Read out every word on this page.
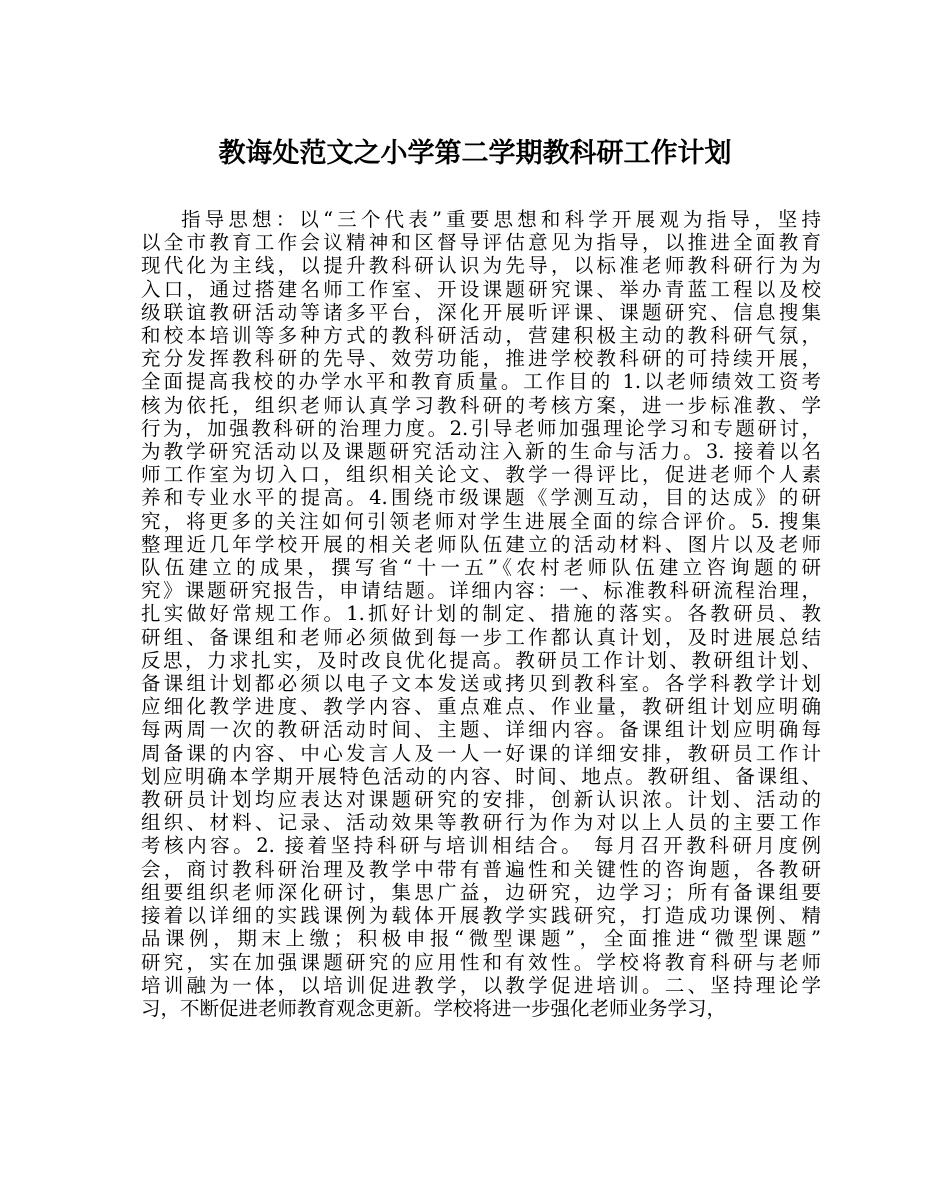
教诲处范文之小学第二学期教科研工作计划
指导思想：以“三个代表”重要思想和科学开展观为指导，坚持
以全市教育工作会议精神和区督导评估意见为指导，以推进全面教育
现代化为主线，以提升教科研认识为先导，以标准老师教科研行为为
入口，通过搭建名师工作室、开设课题研究课、举办青蓝工程以及校
级联谊教研活动等诸多平台，深化开展听评课、课题研究、信息搜集
和校本培训等多种方式的教科研活动，营建积极主动的教科研气氛，
充分发挥教科研的先导、效劳功能，推进学校教科研的可持续开展，
全面提高我校的办学水平和教育质量。工作目的 1.以老师绩效工资考
核为依托，组织老师认真学习教科研的考核方案，进一步标准教、学
行为，加强教科研的治理力度。2.引导老师加强理论学习和专题研讨，
为教学研究活动以及课题研究活动注入新的生命与活力。3. 接着以名
师工作室为切入口，组织相关论文、教学一得评比，促进老师个人素
养和专业水平的提高。4.围绕市级课题《学测互动，目的达成》的研
究，将更多的关注如何引领老师对学生进展全面的综合评价。5. 搜集
整理近几年学校开展的相关老师队伍建立的活动材料、图片以及老师
队伍建立的成果，撰写省“十一五”《农村老师队伍建立咨询题的研
究》课题研究报告，申请结题。详细内容：一、标准教科研流程治理，
扎实做好常规工作。1.抓好计划的制定、措施的落实。各教研员、教
研组、备课组和老师必须做到每一步工作都认真计划，及时进展总结
反思，力求扎实，及时改良优化提高。教研员工作计划、教研组计划、
备课组计划都必须以电子文本发送或拷贝到教科室。各学科教学计划
应细化教学进度、教学内容、重点难点、作业量，教研组计划应明确
每两周一次的教研活动时间、主题、详细内容。备课组计划应明确每
周备课的内容、中心发言人及一人一好课的详细安排，教研员工作计
划应明确本学期开展特色活动的内容、时间、地点。教研组、备课组、
教研员计划均应表达对课题研究的安排，创新认识浓。计划、活动的
组织、材料、记录、活动效果等教研行为作为对以上人员的主要工作
考核内容。2. 接着坚持科研与培训相结合。 每月召开教科研月度例
会，商讨教科研治理及教学中带有普遍性和关键性的咨询题，各教研
组要组织老师深化研讨，集思广益，边研究，边学习；所有备课组要
接着以详细的实践课例为载体开展教学实践研究，打造成功课例、精
品课例，期末上缴；积极申报“微型课题”，全面推进“微型课题”
研究，实在加强课题研究的应用性和有效性。学校将教育科研与老师
培训融为一体，以培训促进教学，以教学促进培训。二、坚持理论学
习，不断促进老师教育观念更新。学校将进一步强化老师业务学习，
